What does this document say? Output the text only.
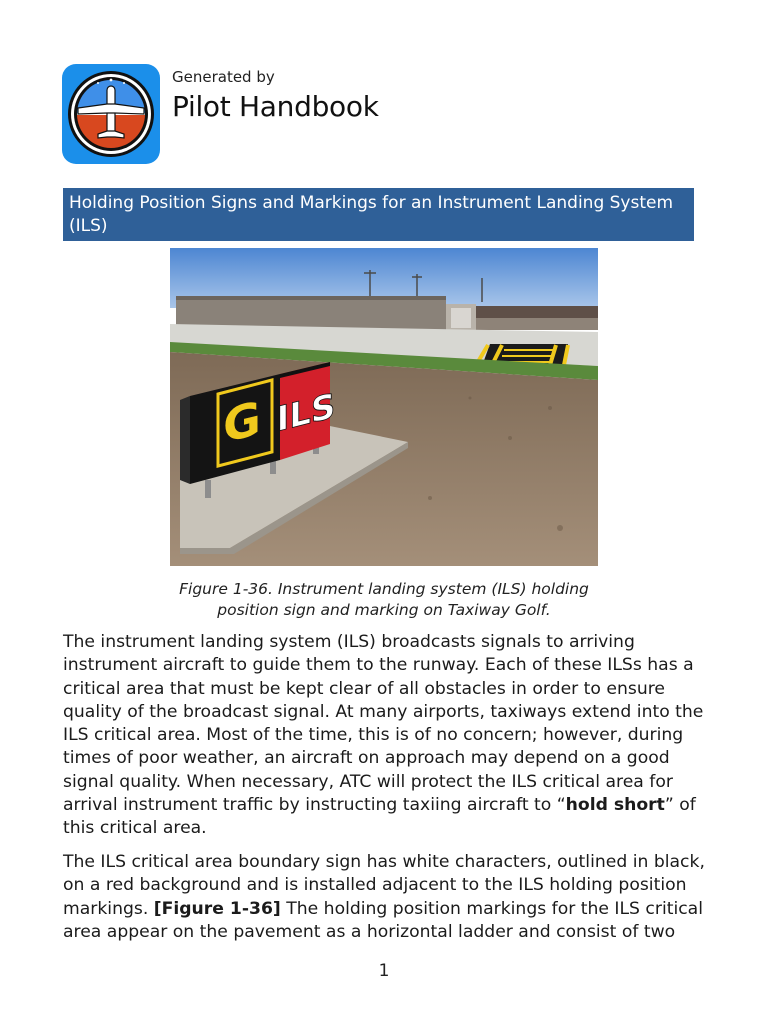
Generated by
Pilot Handbook
Holding Position Signs and Markings for an Instrument Landing System (ILS)
G ILS
Figure 1-36. Instrument landing system (ILS) holding
position sign and marking on Taxiway Golf.

The instrument landing system (ILS) broadcasts signals to arriving instrument aircraft to guide them to the runway. Each of these ILSs has a critical area that must be kept clear of all obstacles in order to ensure quality of the broadcast signal. At many airports, taxiways extend into the ILS critical area. Most of the time, this is of no concern; however, during times of poor weather, an aircraft on approach may depend on a good signal quality. When necessary, ATC will protect the ILS critical area for arrival instrument traffic by instructing taxiing aircraft to “hold short” of this critical area.

The ILS critical area boundary sign has white characters, outlined in black, on a red background and is installed adjacent to the ILS holding position markings. [Figure 1-36] The holding position markings for the ILS critical area appear on the pavement as a horizontal ladder and consist of two

1
